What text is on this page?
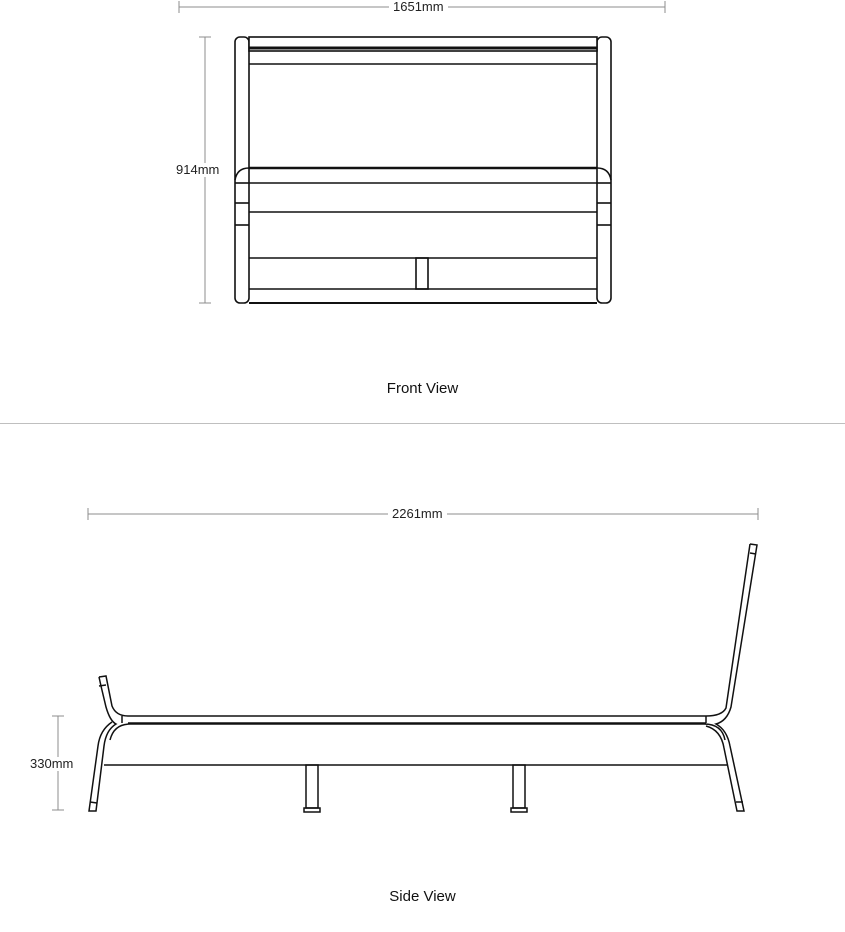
1651mm
914mm
Front View
2261mm
330mm
Side View
